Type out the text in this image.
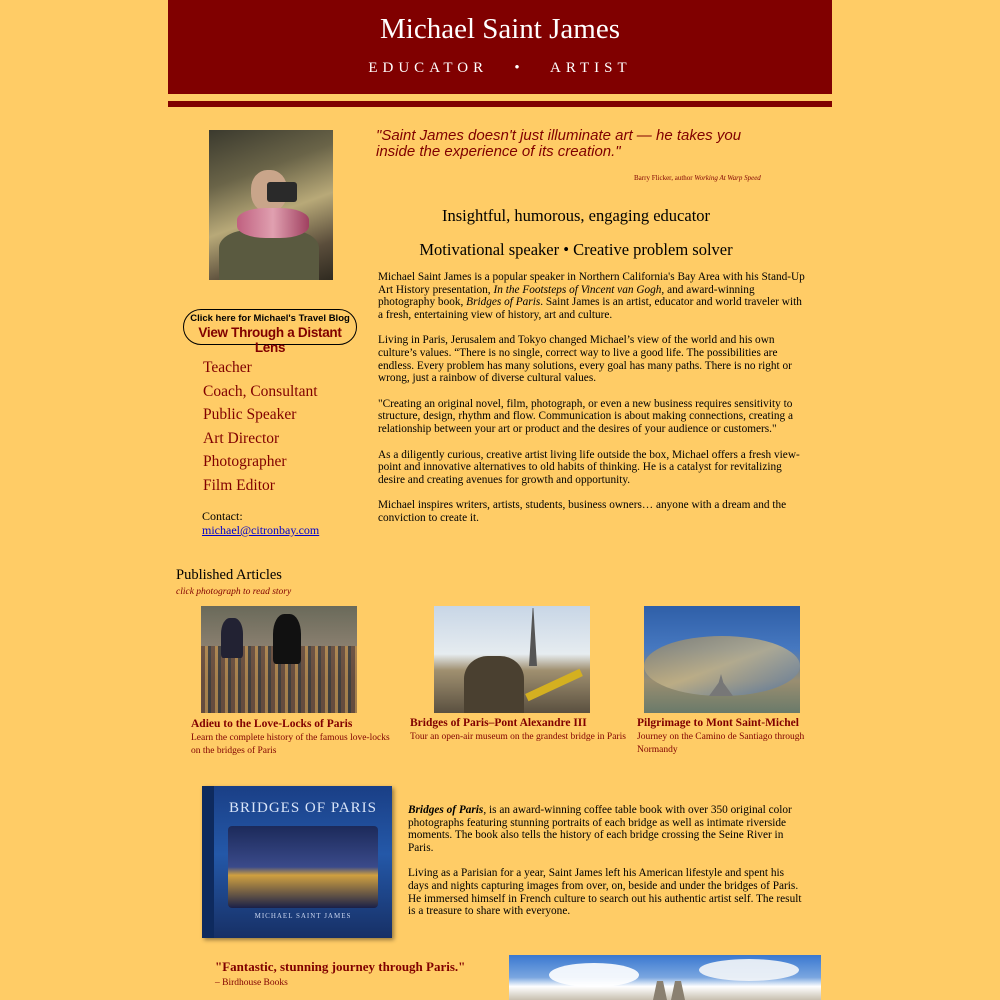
Michael Saint James
EDUCATOR   •   ARTIST
Click here for Michael's Travel Blog
View Through a Distant Lens
Teacher
Coach, Consultant
Public Speaker
Art Director
Photographer
Film Editor
Contact:
michael@citronbay.com
"Saint James doesn't just illuminate art — he takes you inside the experience of its creation."
Barry Flicker, author Working At Warp Speed
Insightful, humorous, engaging educator
Motivational speaker • Creative problem solver

Michael Saint James is a popular speaker in Northern California's Bay Area with his Stand-Up Art History presentation, In the Footsteps of Vincent van Gogh, and award-winning photography book, Bridges of Paris. Saint James is an artist, educator and world traveler with a fresh, entertaining view of history, art and culture.

Living in Paris, Jerusalem and Tokyo changed Michael’s view of the world and his own culture’s values. “There is no single, correct way to live a good life. The possibilities are endless. Every problem has many solutions, every goal has many paths. There is no right or wrong, just a rainbow of diverse cultural values.

"Creating an original novel, film, photograph, or even a new business requires sensitivity to structure, design, rhythm and flow. Communication is about making connections, creating a relationship between your art or product and the desires of your audience or customers."

As a diligently curious, creative artist living life outside the box, Michael offers a fresh view-point and innovative alternatives to old habits of thinking. He is a catalyst for revitalizing desire and creating avenues for growth and opportunity.

Michael inspires writers, artists, students, business owners… anyone with a dream and the conviction to create it.

Published Articles
click photograph to read story
Adieu to the Love-Locks of Paris
Learn the complete history of the famous love-locks on the bridges of Paris
Bridges of Paris–Pont Alexandre III
Tour an open-air museum on the grandest bridge in Paris
Pilgrimage to Mont Saint-Michel
Journey on the Camino de Santiago through Normandy
BRIDGES OF PARIS
MICHAEL SAINT JAMES

Bridges of Paris, is an award-winning coffee table book with over 350 original color photographs featuring stunning portraits of each bridge as well as intimate riverside moments. The book also tells the history of each bridge crossing the Seine River in Paris.

Living as a Parisian for a year, Saint James left his American lifestyle and spent his days and nights capturing images from over, on, beside and under the bridges of Paris. He immersed himself in French culture to search out his authentic artist self. The result is a treasure to share with everyone.

"Fantastic, stunning journey through Paris."
– Birdhouse Books
